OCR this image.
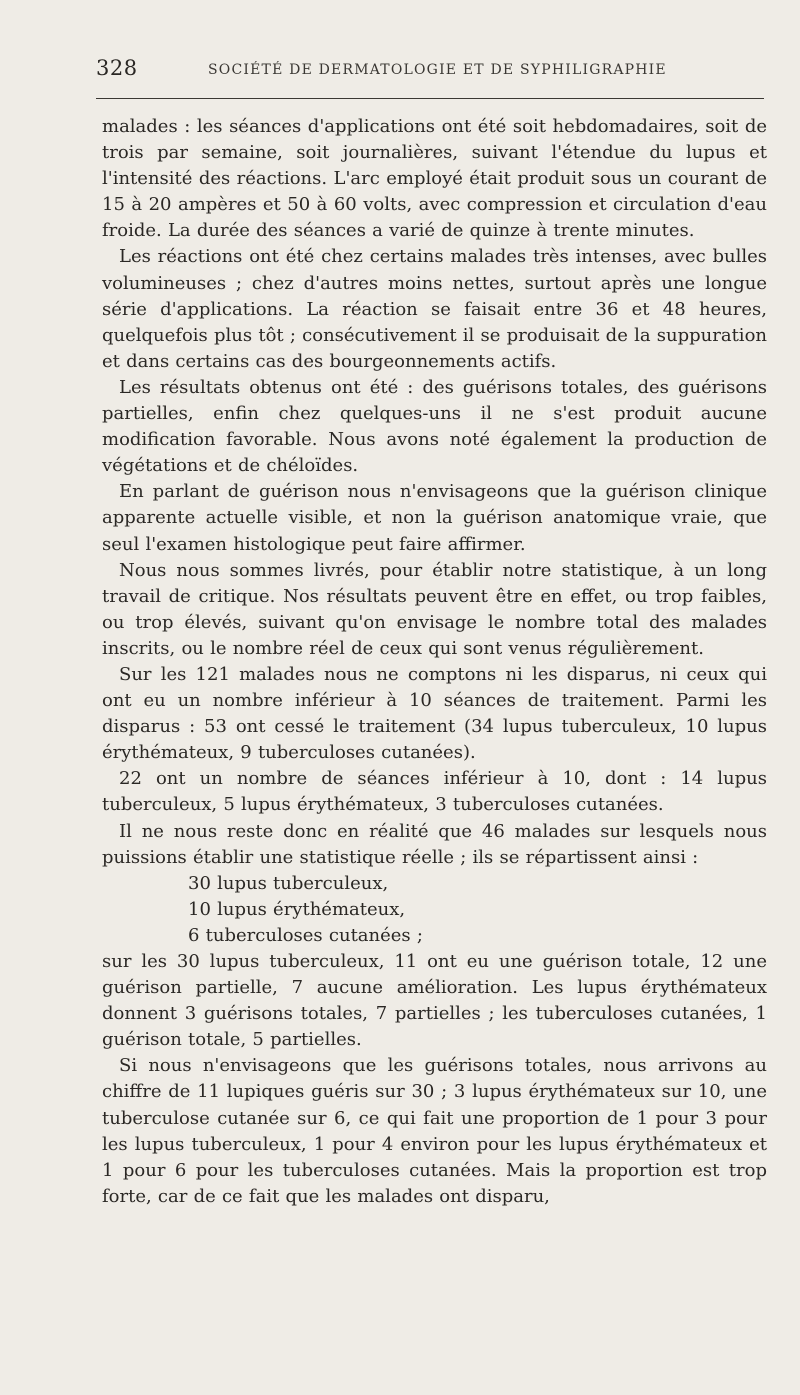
328	SOCIÉTÉ DE DERMATOLOGIE ET DE SYPHILIGRAPHIE

malades : les séances d'applications ont été soit hebdomadaires, soit de trois par semaine, soit journalières, suivant l'étendue du lupus et l'intensité des réactions. L'arc employé était produit sous un courant de 15 à 20 ampères et 50 à 60 volts, avec compression et circulation d'eau froide. La durée des séances a varié de quinze à trente minutes.

Les réactions ont été chez certains malades très intenses, avec bulles volumineuses ; chez d'autres moins nettes, surtout après une longue série d'applications. La réaction se faisait entre 36 et 48 heures, quelquefois plus tôt ; consécutivement il se produisait de la suppuration et dans certains cas des bourgeonnements actifs.

Les résultats obtenus ont été : des guérisons totales, des guérisons partielles, enfin chez quelques-uns il ne s'est produit aucune modification favorable. Nous avons noté également la production de végétations et de chéloïdes.

En parlant de guérison nous n'envisageons que la guérison clinique apparente actuelle visible, et non la guérison anatomique vraie, que seul l'examen histologique peut faire affirmer.

Nous nous sommes livrés, pour établir notre statistique, à un long travail de critique. Nos résultats peuvent être en effet, ou trop faibles, ou trop élevés, suivant qu'on envisage le nombre total des malades inscrits, ou le nombre réel de ceux qui sont venus régulièrement.

Sur les 121 malades nous ne comptons ni les disparus, ni ceux qui ont eu un nombre inférieur à 10 séances de traitement. Parmi les disparus : 53 ont cessé le traitement (34 lupus tuberculeux, 10 lupus érythémateux, 9 tuberculoses cutanées).

22 ont un nombre de séances inférieur à 10, dont : 14 lupus tuberculeux, 5 lupus érythémateux, 3 tuberculoses cutanées.

Il ne nous reste donc en réalité que 46 malades sur lesquels nous puissions établir une statistique réelle ; ils se répartissent ainsi :

30 lupus tuberculeux,

10 lupus érythémateux,

6 tuberculoses cutanées ;

sur les 30 lupus tuberculeux, 11 ont eu une guérison totale, 12 une guérison partielle, 7 aucune amélioration. Les lupus érythémateux donnent 3 guérisons totales, 7 partielles ; les tuberculoses cutanées, 1 guérison totale, 5 partielles.

Si nous n'envisageons que les guérisons totales, nous arrivons au chiffre de 11 lupiques guéris sur 30 ; 3 lupus érythémateux sur 10, une tuberculose cutanée sur 6, ce qui fait une proportion de 1 pour 3 pour les lupus tuberculeux, 1 pour 4 environ pour les lupus érythémateux et 1 pour 6 pour les tuberculoses cutanées. Mais la proportion est trop forte, car de ce fait que les malades ont disparu,
